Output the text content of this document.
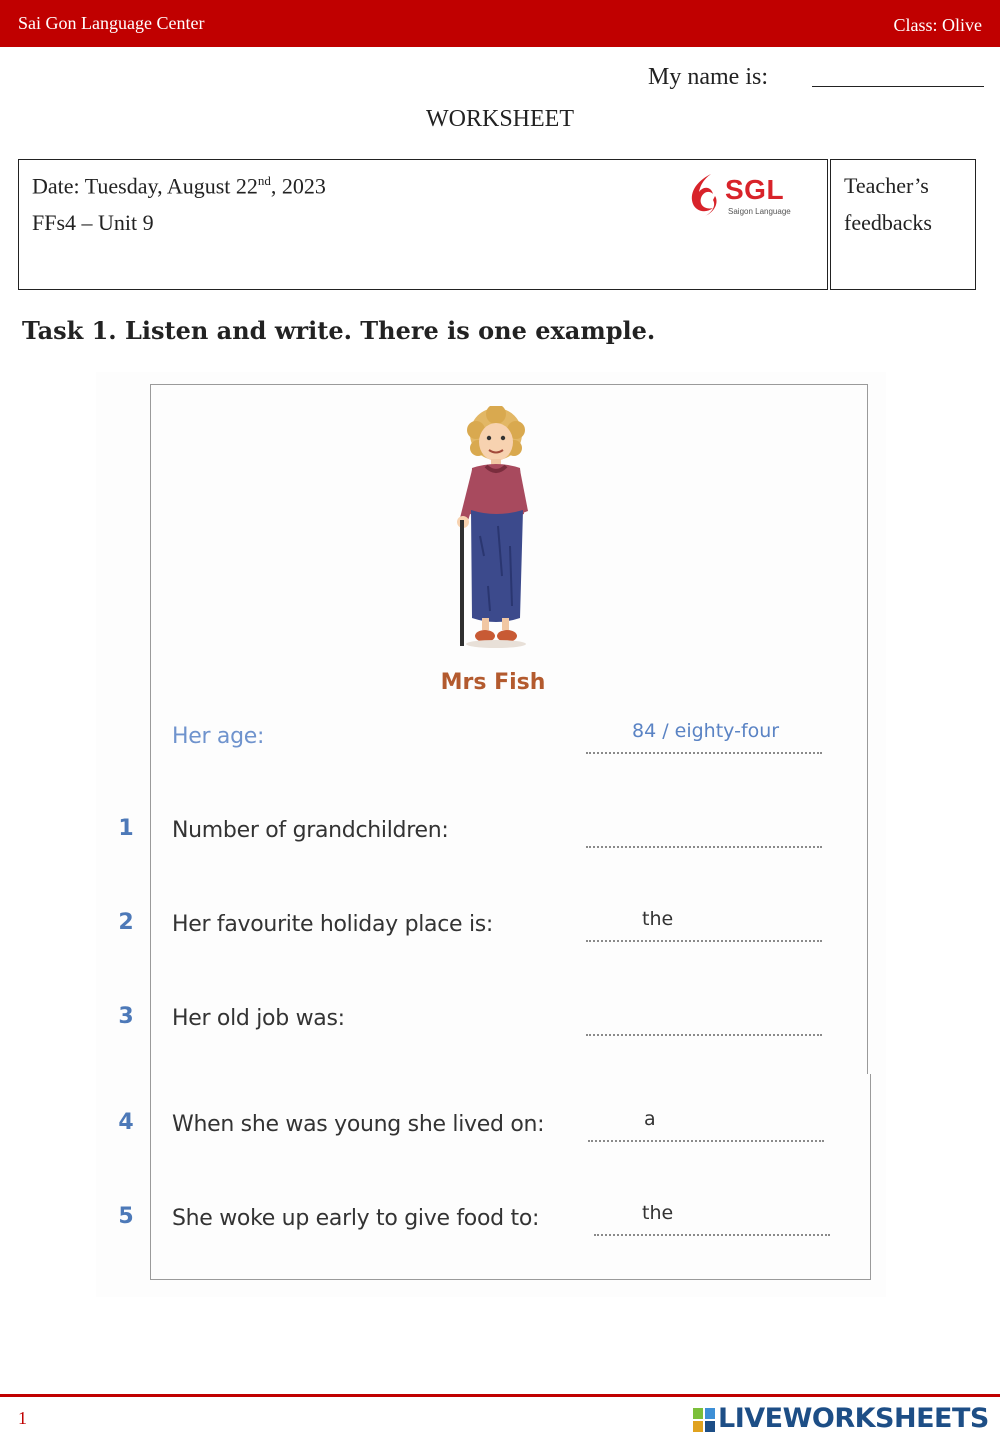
Sai Gon Language Center	Class: Olive
My name is:
WORKSHEET
Date: Tuesday, August 22nd, 2023
FFs4 – Unit 9
SGL
Saigon Language
Teacher’s
feedbacks
Task 1. Listen and write. There is one example.
Mrs Fish
Her age:	84 / eighty-four
1 Number of grandchildren:
2 Her favourite holiday place is:	the
3 Her old job was:
4 When she was young she lived on:	a
5 She woke up early to give food to:	the
1	LIVEWORKSHEETS
